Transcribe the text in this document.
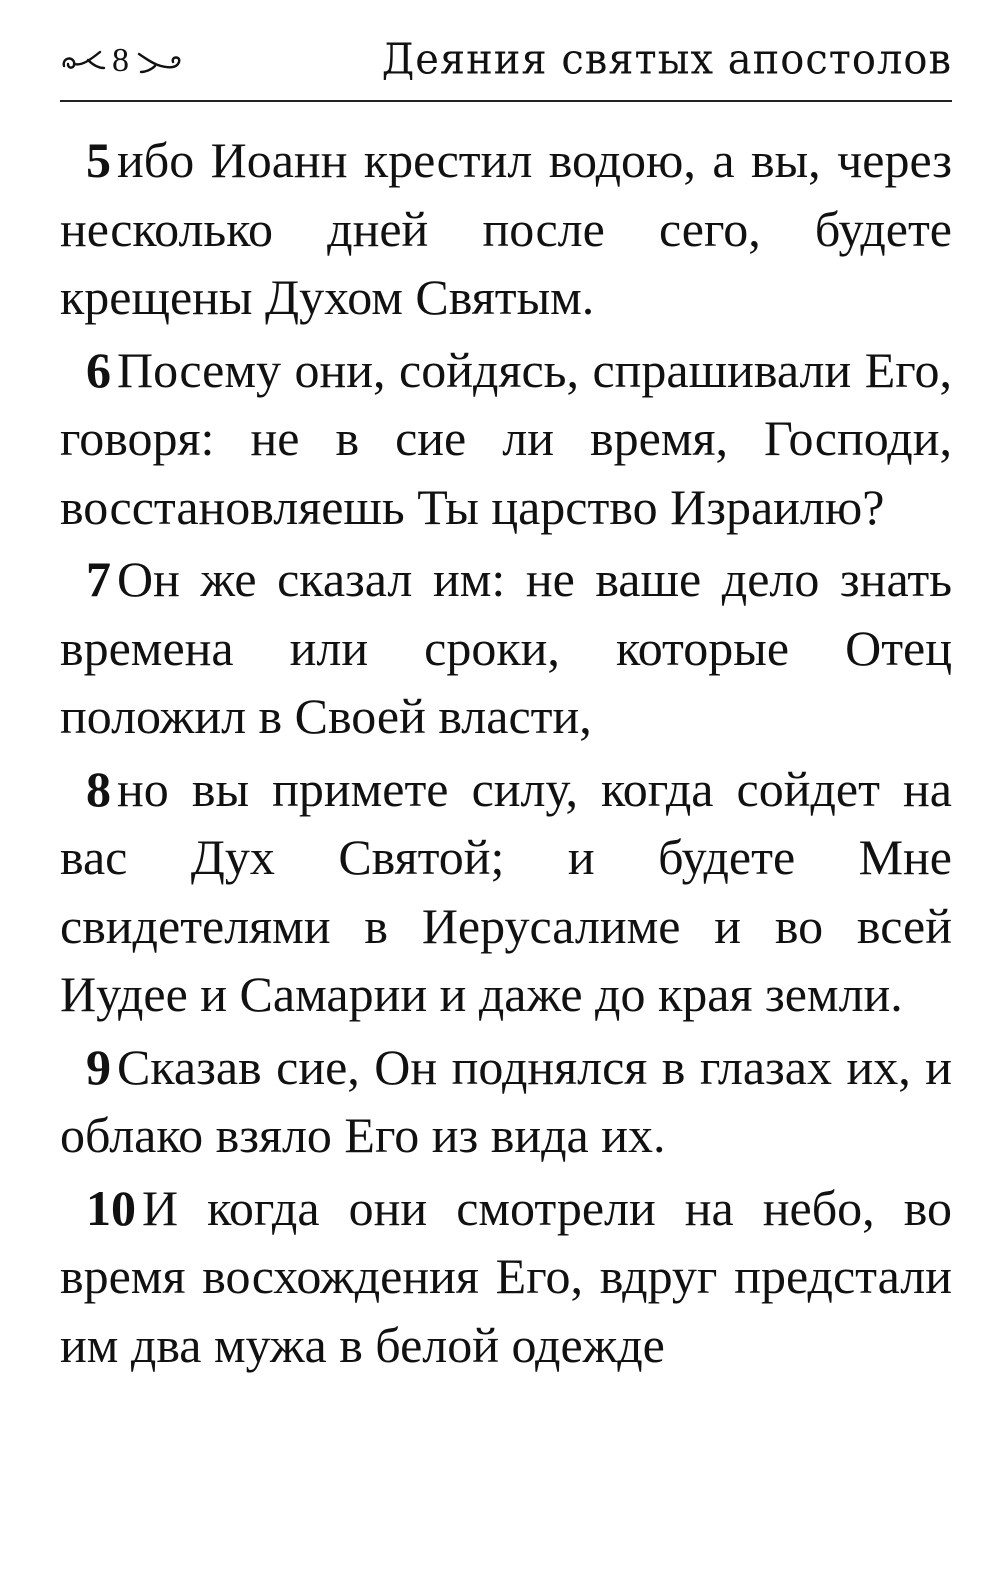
8	Деяния святых апостолов

5 ибо Иоанн крестил водою, а вы, через несколько дней после сего, будете крещены Духом Святым.

6 Посему они, сойдясь, спрашивали Его, говоря: не в сие ли время, Господи, восстановляешь Ты царство Израилю?

7 Он же сказал им: не ваше дело знать времена или сроки, которые Отец положил в Своей власти,

8 но вы примете силу, когда сойдет на вас Дух Святой; и будете Мне свидетелями в Иерусалиме и во всей Иудее и Самарии и даже до края земли.

9 Сказав сие, Он поднялся в глазах их, и облако взяло Его из вида их.

10 И когда они смотрели на небо, во время восхождения Его, вдруг предстали им два мужа в белой одежде
